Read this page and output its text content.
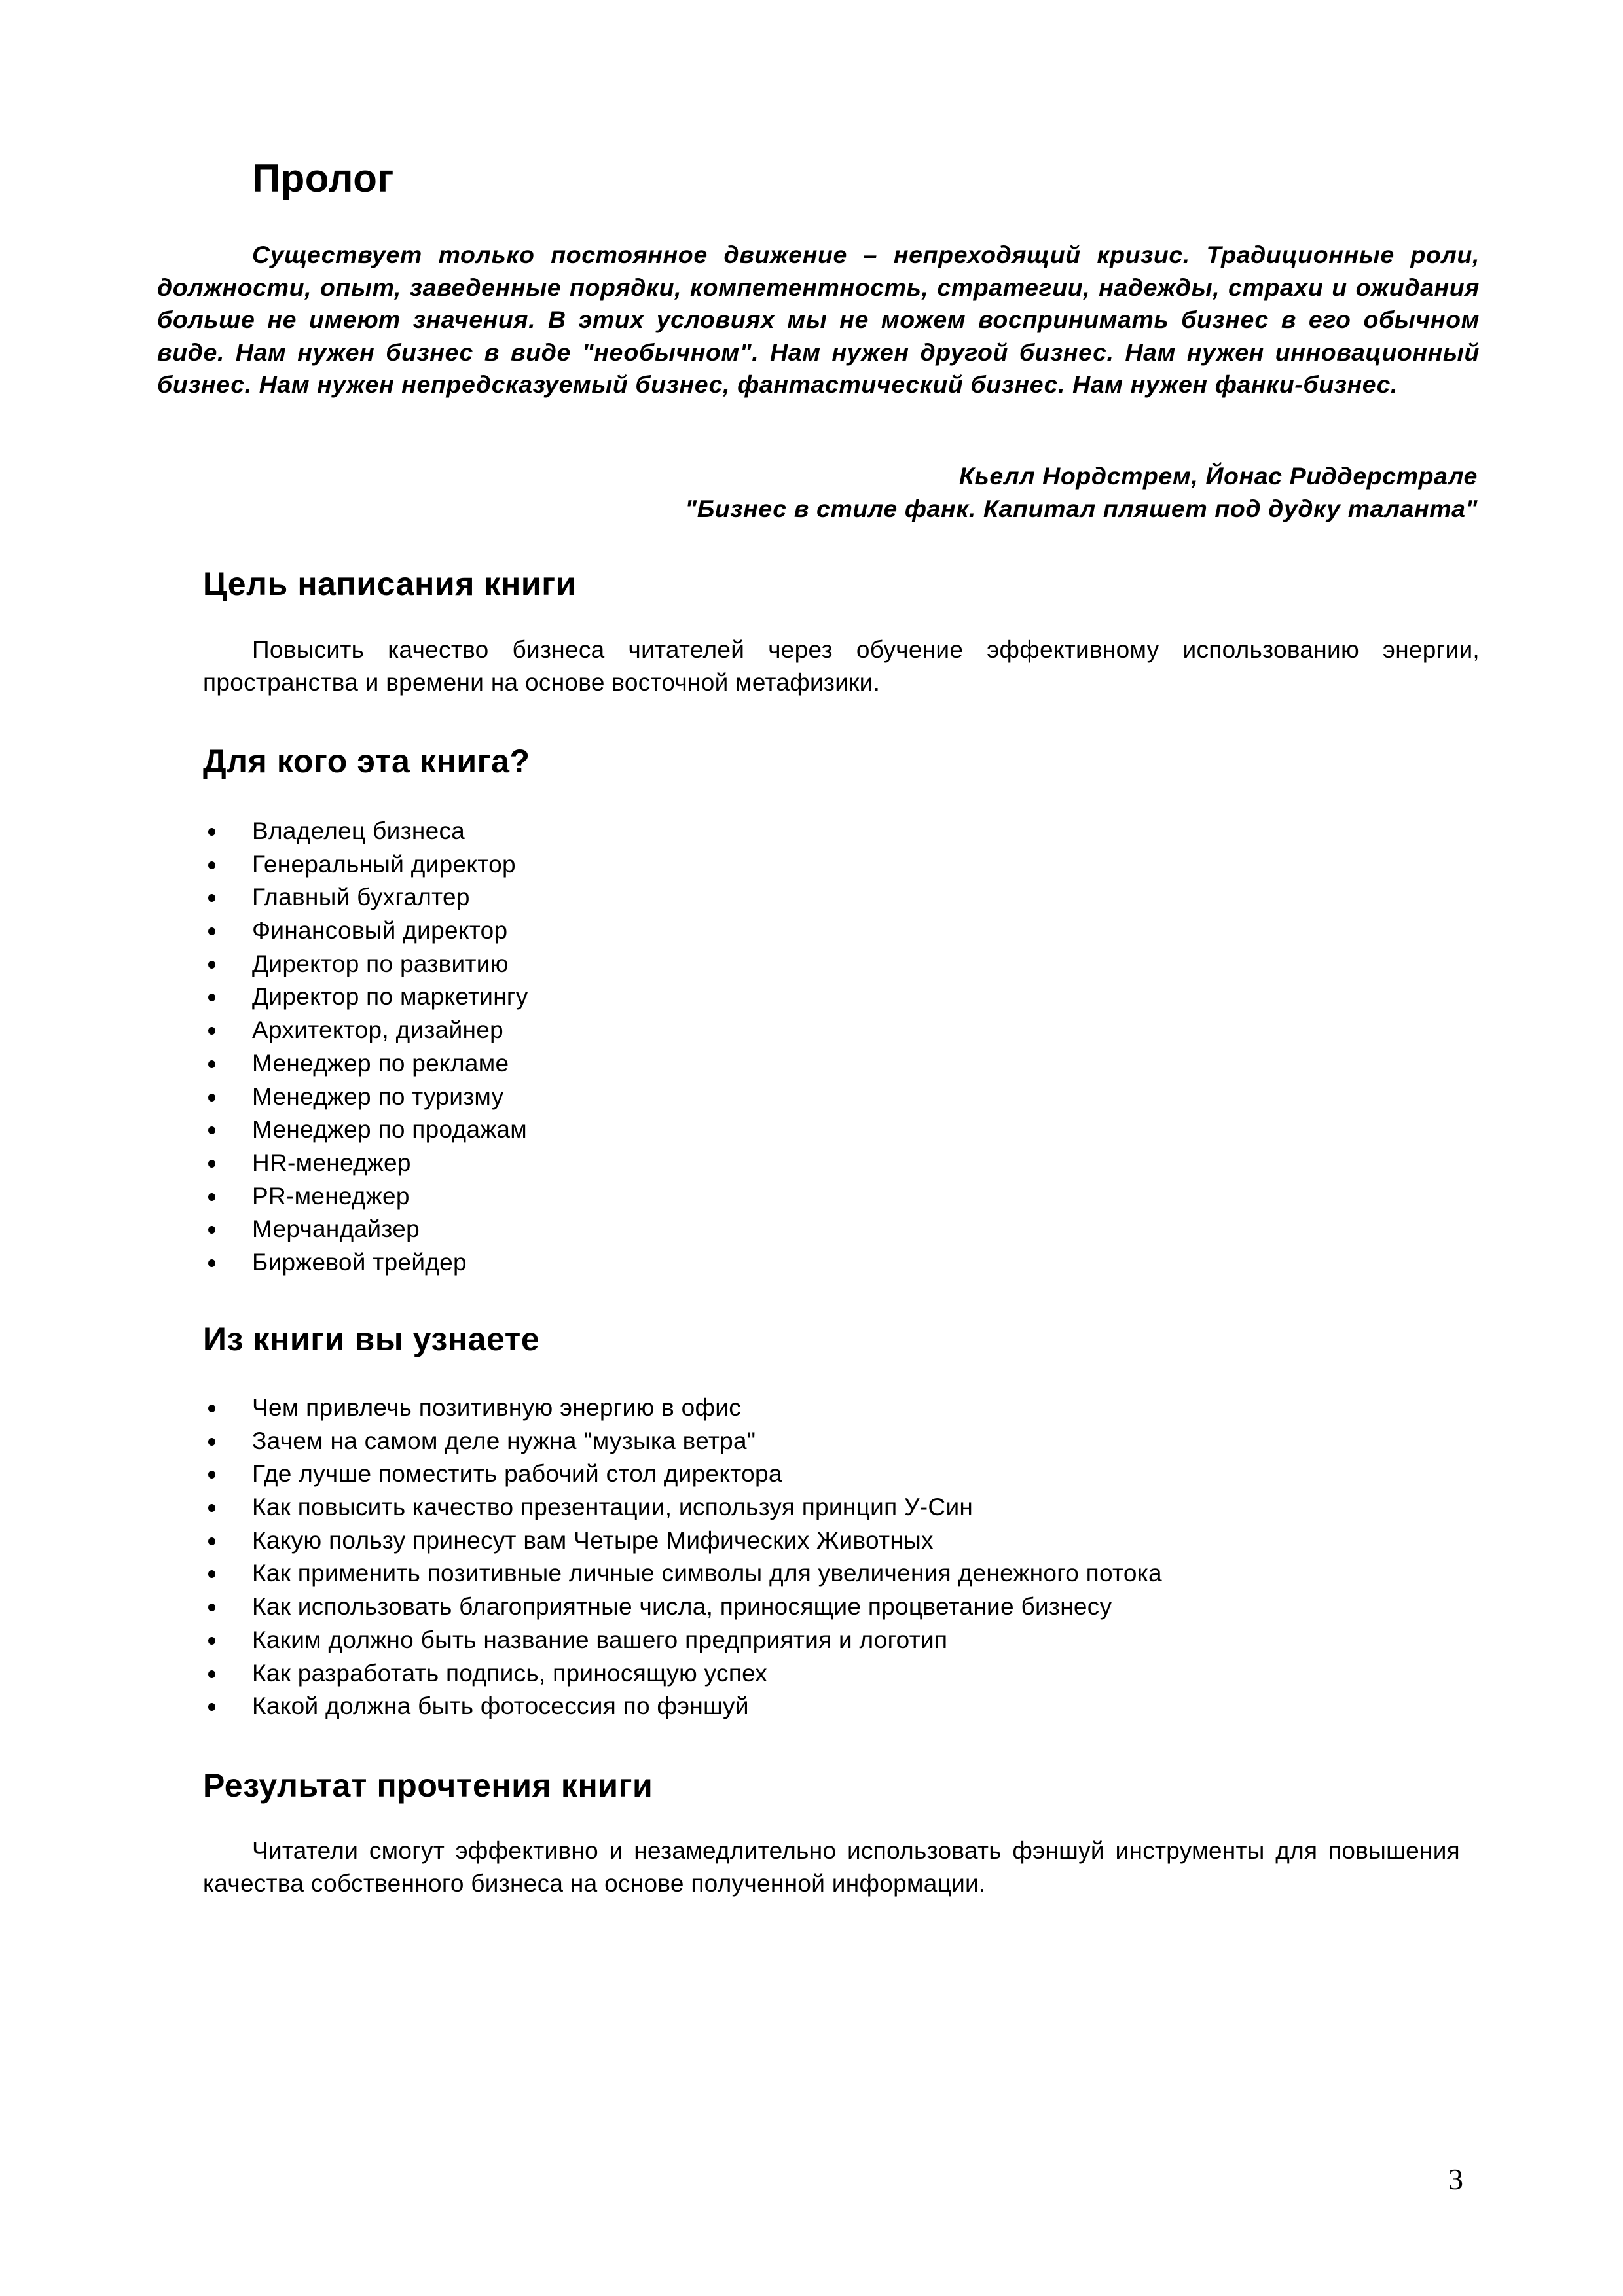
Пролог

Существует только постоянное движение – непреходящий кризис. Традиционные роли, должности, опыт, заведенные порядки, компетентность, стратегии, надежды, страхи и ожидания больше не имеют значения. В этих условиях мы не можем воспринимать бизнес в его обычном виде. Нам нужен бизнес в виде "необычном". Нам нужен другой бизнес. Нам нужен инновационный бизнес. Нам нужен непредсказуемый бизнес, фантастический бизнес. Нам нужен фанки-бизнес.

Кьелл Нордстрем, Йонас Риддерстрале
"Бизнес в стиле фанк. Капитал пляшет под дудку таланта"
Цель написания книги

Повысить качество бизнеса читателей через обучение эффективному использованию энергии, пространства и времени на основе восточной метафизики.

Для кого эта книга?
Владелец бизнеса
Генеральный директор
Главный бухгалтер
Финансовый директор
Директор по развитию
Директор по маркетингу
Архитектор, дизайнер
Менеджер по рекламе
Менеджер по туризму
Менеджер по продажам
HR-менеджер
PR-менеджер
Мерчандайзер
Биржевой трейдер
Из книги вы узнаете
Чем привлечь позитивную энергию в офис
Зачем на самом деле нужна "музыка ветра"
Где лучше поместить рабочий стол директора
Как повысить качество презентации, используя принцип У-Син
Какую пользу принесут вам Четыре Мифических Животных
Как применить позитивные личные символы для увеличения денежного потока
Как использовать благоприятные числа, приносящие процветание бизнесу
Каким должно быть название вашего предприятия и логотип
Как разработать подпись, приносящую успех
Какой должна быть фотосессия по фэншуй
Результат прочтения книги

Читатели смогут эффективно и незамедлительно использовать фэншуй инструменты для повышения качества собственного бизнеса на основе полученной информации.

3
